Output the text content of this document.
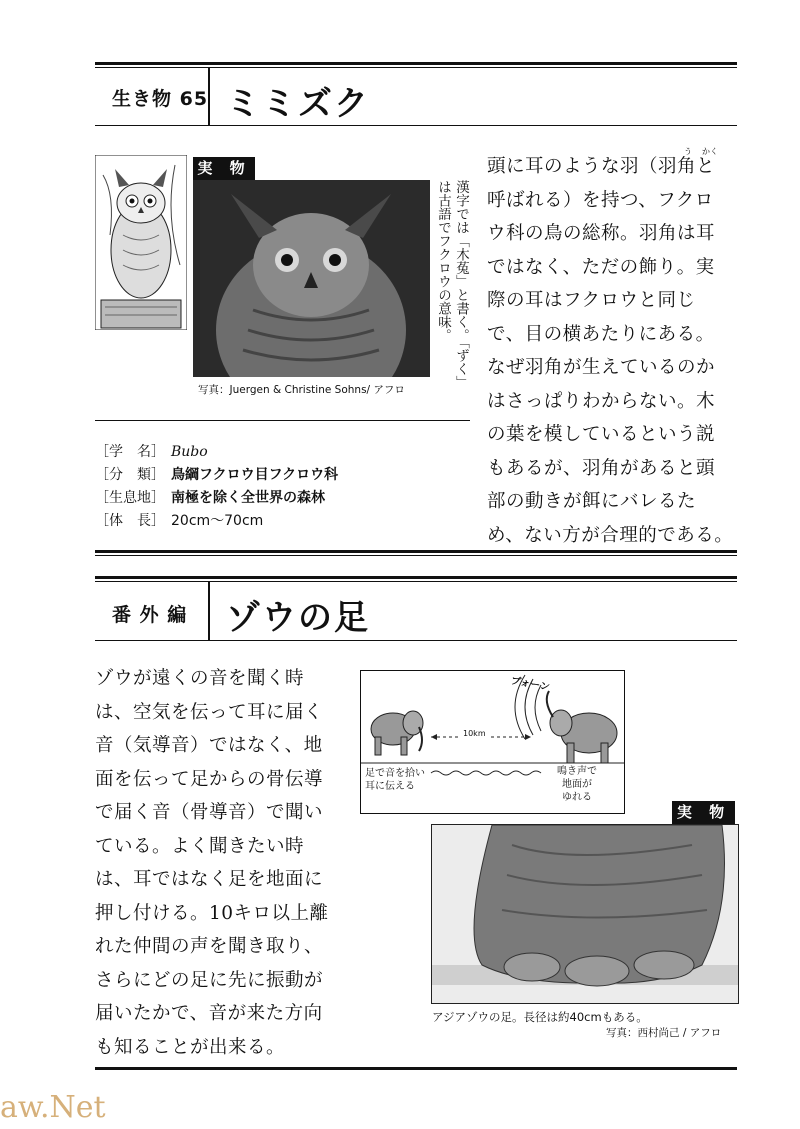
生き物 65 ミミズク
実 物
写真：Juergen & Christine Sohns/ アフロ
は古語でフクロウの意味。 漢字では「木菟」と書く。「ずく」
う かく
頭に耳のような羽（羽角と
呼ばれる）を持つ、フクロ
ウ科の鳥の総称。羽角は耳
ではなく、ただの飾り。実
際の耳はフクロウと同じ
で、目の横あたりにある。
なぜ羽角が生えているのか
はさっぱりわからない。木
の葉を模しているという説
もあるが、羽角があると頭
部の動きが餌にバレるた
め、ない方が合理的である。
［学　名］ Bubo
［分　類］ 鳥綱フクロウ目フクロウ科
［生息地］ 南極を除く全世界の森林
［体　長］ 20cm〜70cm
番 外 編 ゾウの足
ゾウが遠くの音を聞く時
は、空気を伝って耳に届く
音（気導音）ではなく、地
面を伝って足からの骨伝導
で届く音（骨導音）で聞い
ている。よく聞きたい時
は、耳ではなく足を地面に
押し付ける。10キロ以上離
れた仲間の声を聞き取り、
さらにどの足に先に振動が
届いたかで、音が来た方向
も知ることが出来る。
ブォーン
10km
足で音を拾い
耳に伝える
鳴き声で
地面が
ゆれる
実 物
アジアゾウの足。長径は約40cmもある。
写真：西村尚己 / アフロ
aw.Net
